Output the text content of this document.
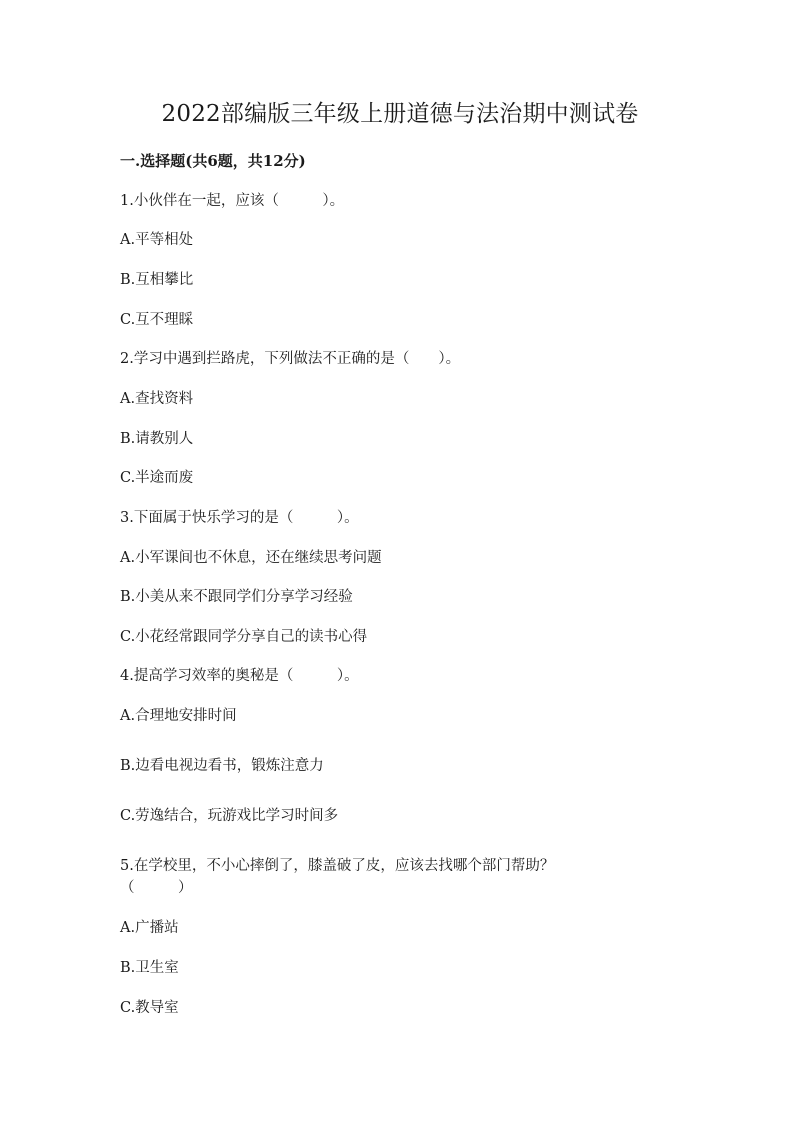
2022部编版三年级上册道德与法治期中测试卷
一.选择题(共6题，共12分)
1.小伙伴在一起，应该（　　　）。
A.平等相处
B.互相攀比
C.互不理睬
2.学习中遇到拦路虎，下列做法不正确的是（　　）。
A.查找资料
B.请教别人
C.半途而废
3.下面属于快乐学习的是（　　　）。
A.小军课间也不休息，还在继续思考问题
B.小美从来不跟同学们分享学习经验
C.小花经常跟同学分享自己的读书心得
4.提高学习效率的奥秘是（　　　）。
A.合理地安排时间
B.边看电视边看书，锻炼注意力
C.劳逸结合，玩游戏比学习时间多
5.在学校里，不小心摔倒了，膝盖破了皮，应该去找哪个部门帮助？
（　　　）
A.广播站
B.卫生室
C.教导室
